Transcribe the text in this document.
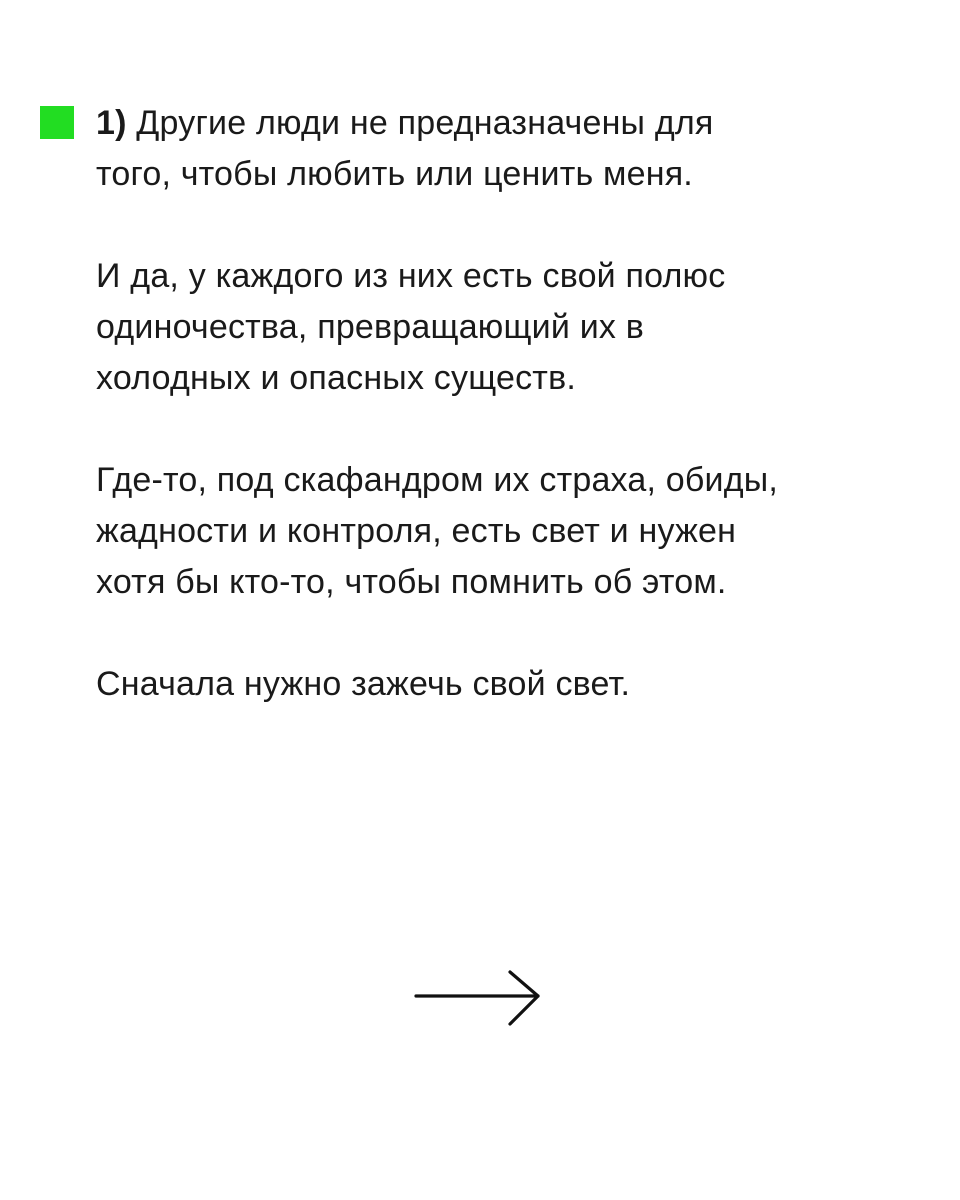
1) Другие люди не предназначены для
того, чтобы любить или ценить меня.

И да, у каждого из них есть свой полюс
одиночества, превращающий их в
холодных и опасных существ.

Где-то, под скафандром их страха, обиды,
жадности и контроля, есть свет и нужен
хотя бы кто-то, чтобы помнить об этом.

Сначала нужно зажечь свой свет.
